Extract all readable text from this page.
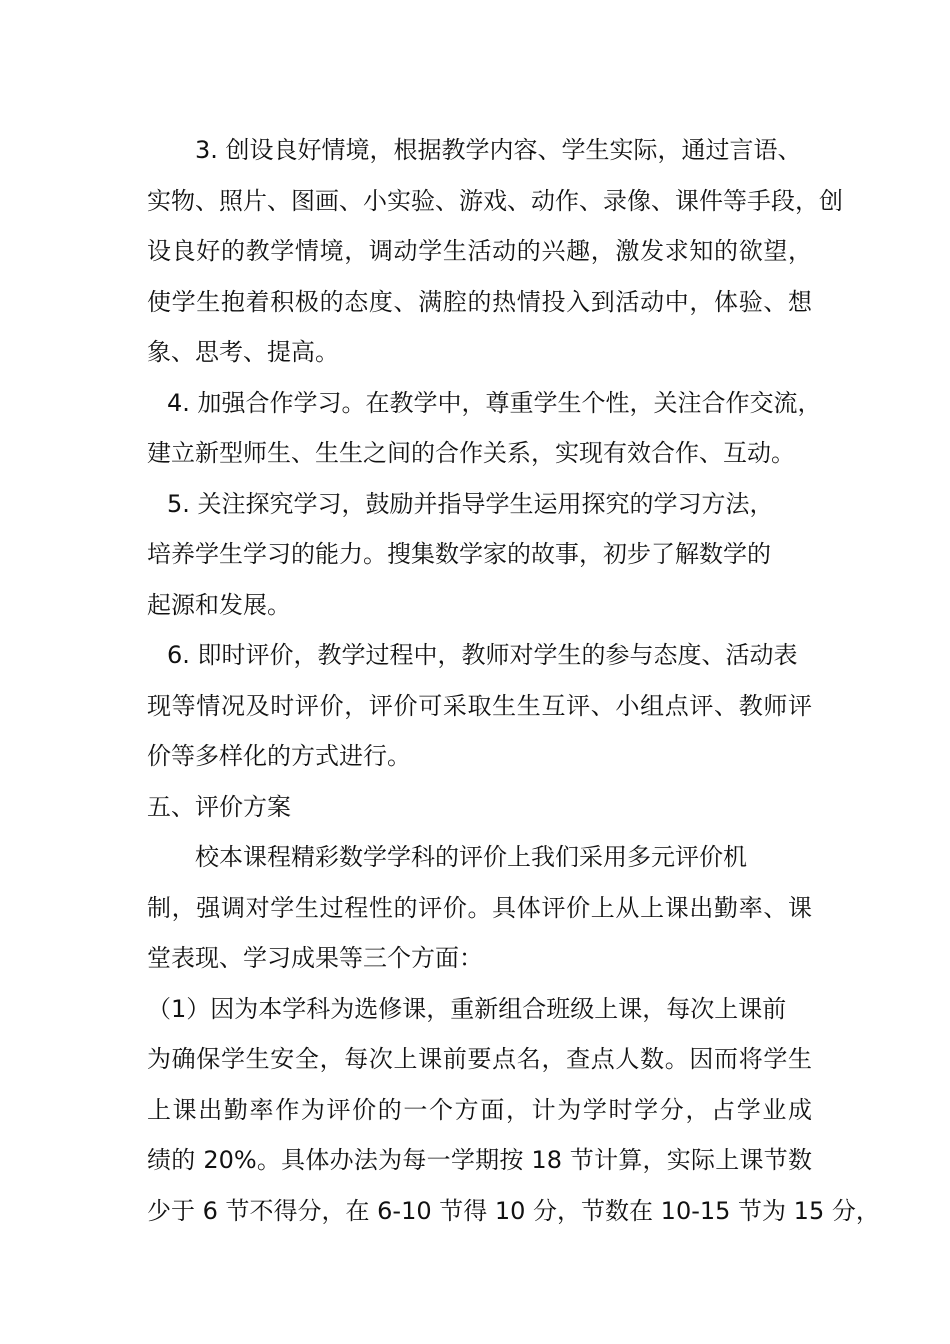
3. 创设良好情境，根据教学内容、学生实际，通过言语、
实物、照片、图画、小实验、游戏、动作、录像、课件等手段，创
设良好的教学情境，调动学生活动的兴趣，激发求知的欲望，
使学生抱着积极的态度、满腔的热情投入到活动中，体验、想
象、思考、提高。
4. 加强合作学习。在教学中，尊重学生个性，关注合作交流，
建立新型师生、生生之间的合作关系，实现有效合作、互动。
5. 关注探究学习，鼓励并指导学生运用探究的学习方法，
培养学生学习的能力。搜集数学家的故事，初步了解数学的
起源和发展。
6. 即时评价，教学过程中，教师对学生的参与态度、活动表
现等情况及时评价，评价可采取生生互评、小组点评、教师评
价等多样化的方式进行。
五、评价方案
校本课程精彩数学学科的评价上我们采用多元评价机
制，强调对学生过程性的评价。具体评价上从上课出勤率、课
堂表现、学习成果等三个方面：
（1）因为本学科为选修课，重新组合班级上课，每次上课前
为确保学生安全，每次上课前要点名，查点人数。因而将学生
上课出勤率作为评价的一个方面，计为学时学分，占学业成
绩的 20%。具体办法为每一学期按 18 节计算，实际上课节数
少于 6 节不得分，在 6-10 节得 10 分，节数在 10-15 节为 15 分，
